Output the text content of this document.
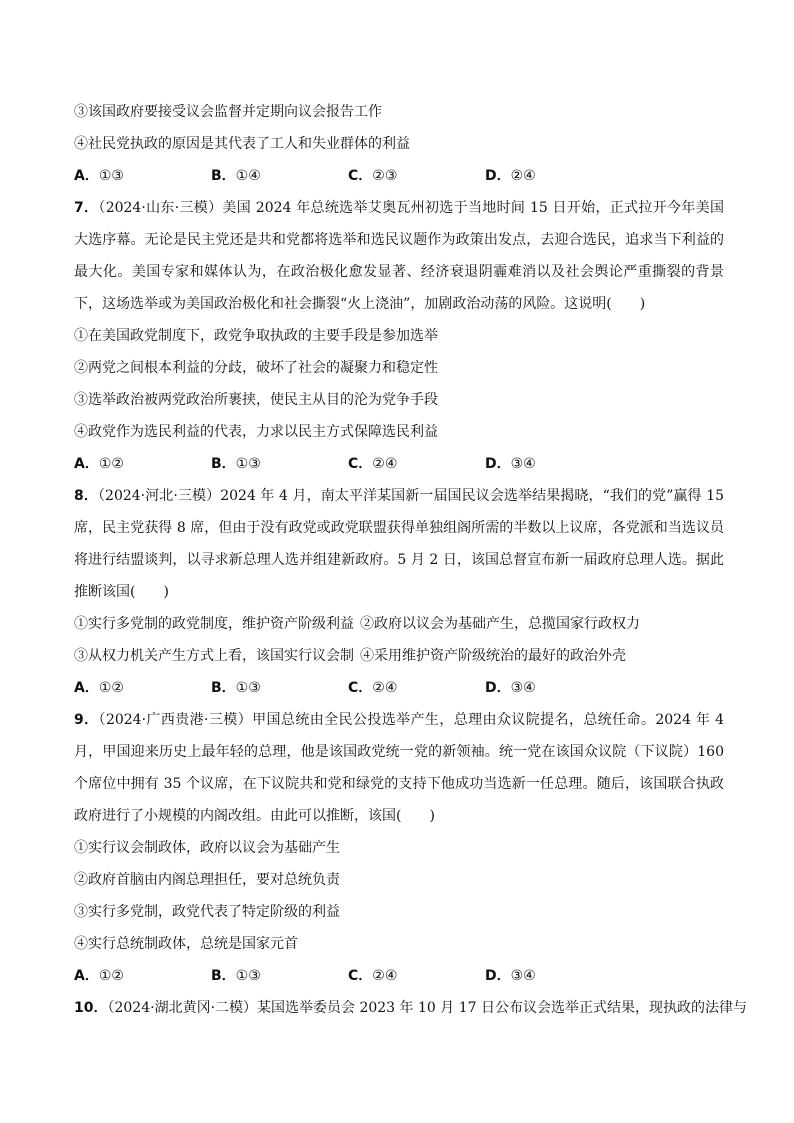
③该国政府要接受议会监督并定期向议会报告工作
④社民党执政的原因是其代表了工人和失业群体的利益
A．①③	B．①④	C．②③	D．②④
7．（2024·山东·三模）美国 2024 年总统选举艾奥瓦州初选于当地时间 15 日开始，正式拉开今年美国大选序幕。无论是民主党还是共和党都将选举和选民议题作为政策出发点，去迎合选民，追求当下利益的最大化。美国专家和媒体认为，在政治极化愈发显著、经济衰退阴霾难消以及社会舆论严重撕裂的背景下，这场选举或为美国政治极化和社会撕裂“火上浇油”，加剧政治动荡的风险。这说明(　　)
①在美国政党制度下，政党争取执政的主要手段是参加选举
②两党之间根本利益的分歧，破坏了社会的凝聚力和稳定性
③选举政治被两党政治所裹挟，使民主从目的沦为党争手段
④政党作为选民利益的代表，力求以民主方式保障选民利益
A．①②	B．①③	C．②④	D．③④
8．（2024·河北·三模）2024 年 4 月，南太平洋某国新一届国民议会选举结果揭晓，“我们的党”赢得 15 席，民主党获得 8 席，但由于没有政党或政党联盟获得单独组阁所需的半数以上议席，各党派和当选议员将进行结盟谈判，以寻求新总理人选并组建新政府。5 月 2 日，该国总督宣布新一届政府总理人选。据此推断该国(　　)
①实行多党制的政党制度，维护资产阶级利益 ②政府以议会为基础产生，总揽国家行政权力
③从权力机关产生方式上看，该国实行议会制 ④采用维护资产阶级统治的最好的政治外壳
A．①②	B．①③	C．②④	D．③④
9．（2024·广西贵港·三模）甲国总统由全民公投选举产生，总理由众议院提名，总统任命。2024 年 4 月，甲国迎来历史上最年轻的总理，他是该国政党统一党的新领袖。统一党在该国众议院（下议院）160 个席位中拥有 35 个议席，在下议院共和党和绿党的支持下他成功当选新一任总理。随后，该国联合执政政府进行了小规模的内阁改组。由此可以推断，该国(　　)
①实行议会制政体，政府以议会为基础产生
②政府首脑由内阁总理担任，要对总统负责
③实行多党制，政党代表了特定阶级的利益
④实行总统制政体，总统是国家元首
A．①②	B．①③	C．②④	D．③④
10．（2024·湖北黄冈·二模）某国选举委员会 2023 年 10 月 17 日公布议会选举正式结果，现执政的法律与
